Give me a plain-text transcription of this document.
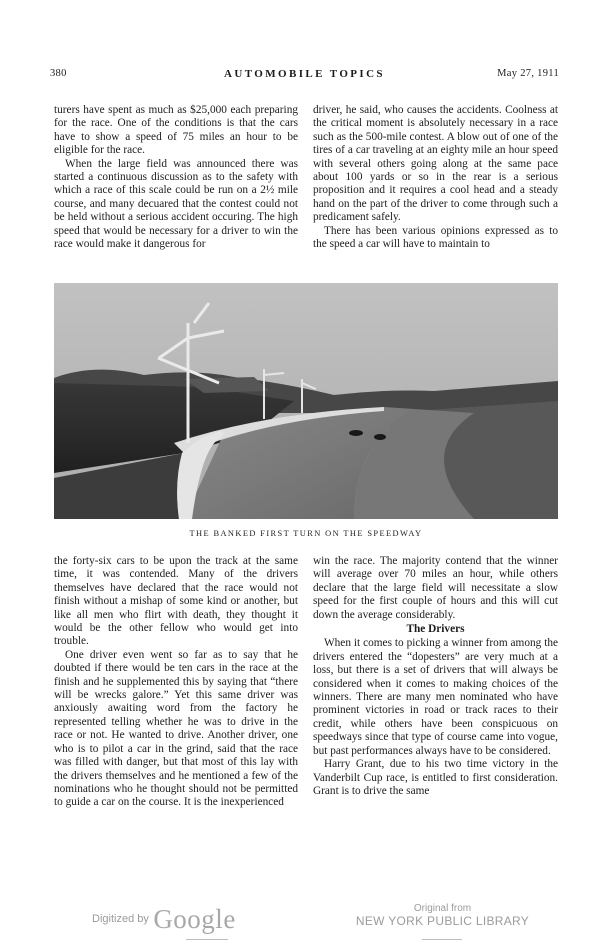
380	AUTOMOBILE TOPICS	May 27, 1911

turers have spent as much as $25,000 each preparing for the race. One of the conditions is that the cars have to show a speed of 75 miles an hour to be eligible for the race.

When the large field was announced there was started a continuous discussion as to the safety with which a race of this scale could be run on a 2½ mile course, and many decuared that the contest could not be held without a serious accident occuring. The high speed that would be necessary for a driver to win the race would make it dangerous for

driver, he said, who causes the accidents. Coolness at the critical moment is absolutely necessary in a race such as the 500-mile contest. A blow out of one of the tires of a car traveling at an eighty mile an hour speed with several others going along at the same pace about 100 yards or so in the rear is a serious proposition and it requires a cool head and a steady hand on the part of the driver to come through such a predicament safely.

There has been various opinions expressed as to the speed a car will have to maintain to

THE BANKED FIRST TURN ON THE SPEEDWAY

the forty-six cars to be upon the track at the same time, it was contended. Many of the drivers themselves have declared that the race would not finish without a mishap of some kind or another, but like all men who flirt with death, they thought it would be the other fellow who would get into trouble.

One driver even went so far as to say that he doubted if there would be ten cars in the race at the finish and he supplemented this by saying that “there will be wrecks galore.” Yet this same driver was anxiously awaiting word from the factory he represented telling whether he was to drive in the race or not. He wanted to drive. Another driver, one who is to pilot a car in the grind, said that the race was filled with danger, but that most of this lay with the drivers themselves and he mentioned a few of the nominations who he thought should not be permitted to guide a car on the course. It is the inexperienced

win the race. The majority contend that the winner will average over 70 miles an hour, while others declare that the large field will necessitate a slow speed for the first couple of hours and this will cut down the average considerably.

The Drivers

When it comes to picking a winner from among the drivers entered the “dopesters” are very much at a loss, but there is a set of drivers that will always be considered when it comes to making choices of the winners. There are many men nominated who have prominent victories in road or track races to their credit, while others have been conspicuous on speedways since that type of course came into vogue, but past performances always have to be considered.

Harry Grant, due to his two time victory in the Vanderbilt Cup race, is entitled to first consideration. Grant is to drive the same

$^{Digitized by}$ Google	Original from
NEW YORK PUBLIC LIBRARY
